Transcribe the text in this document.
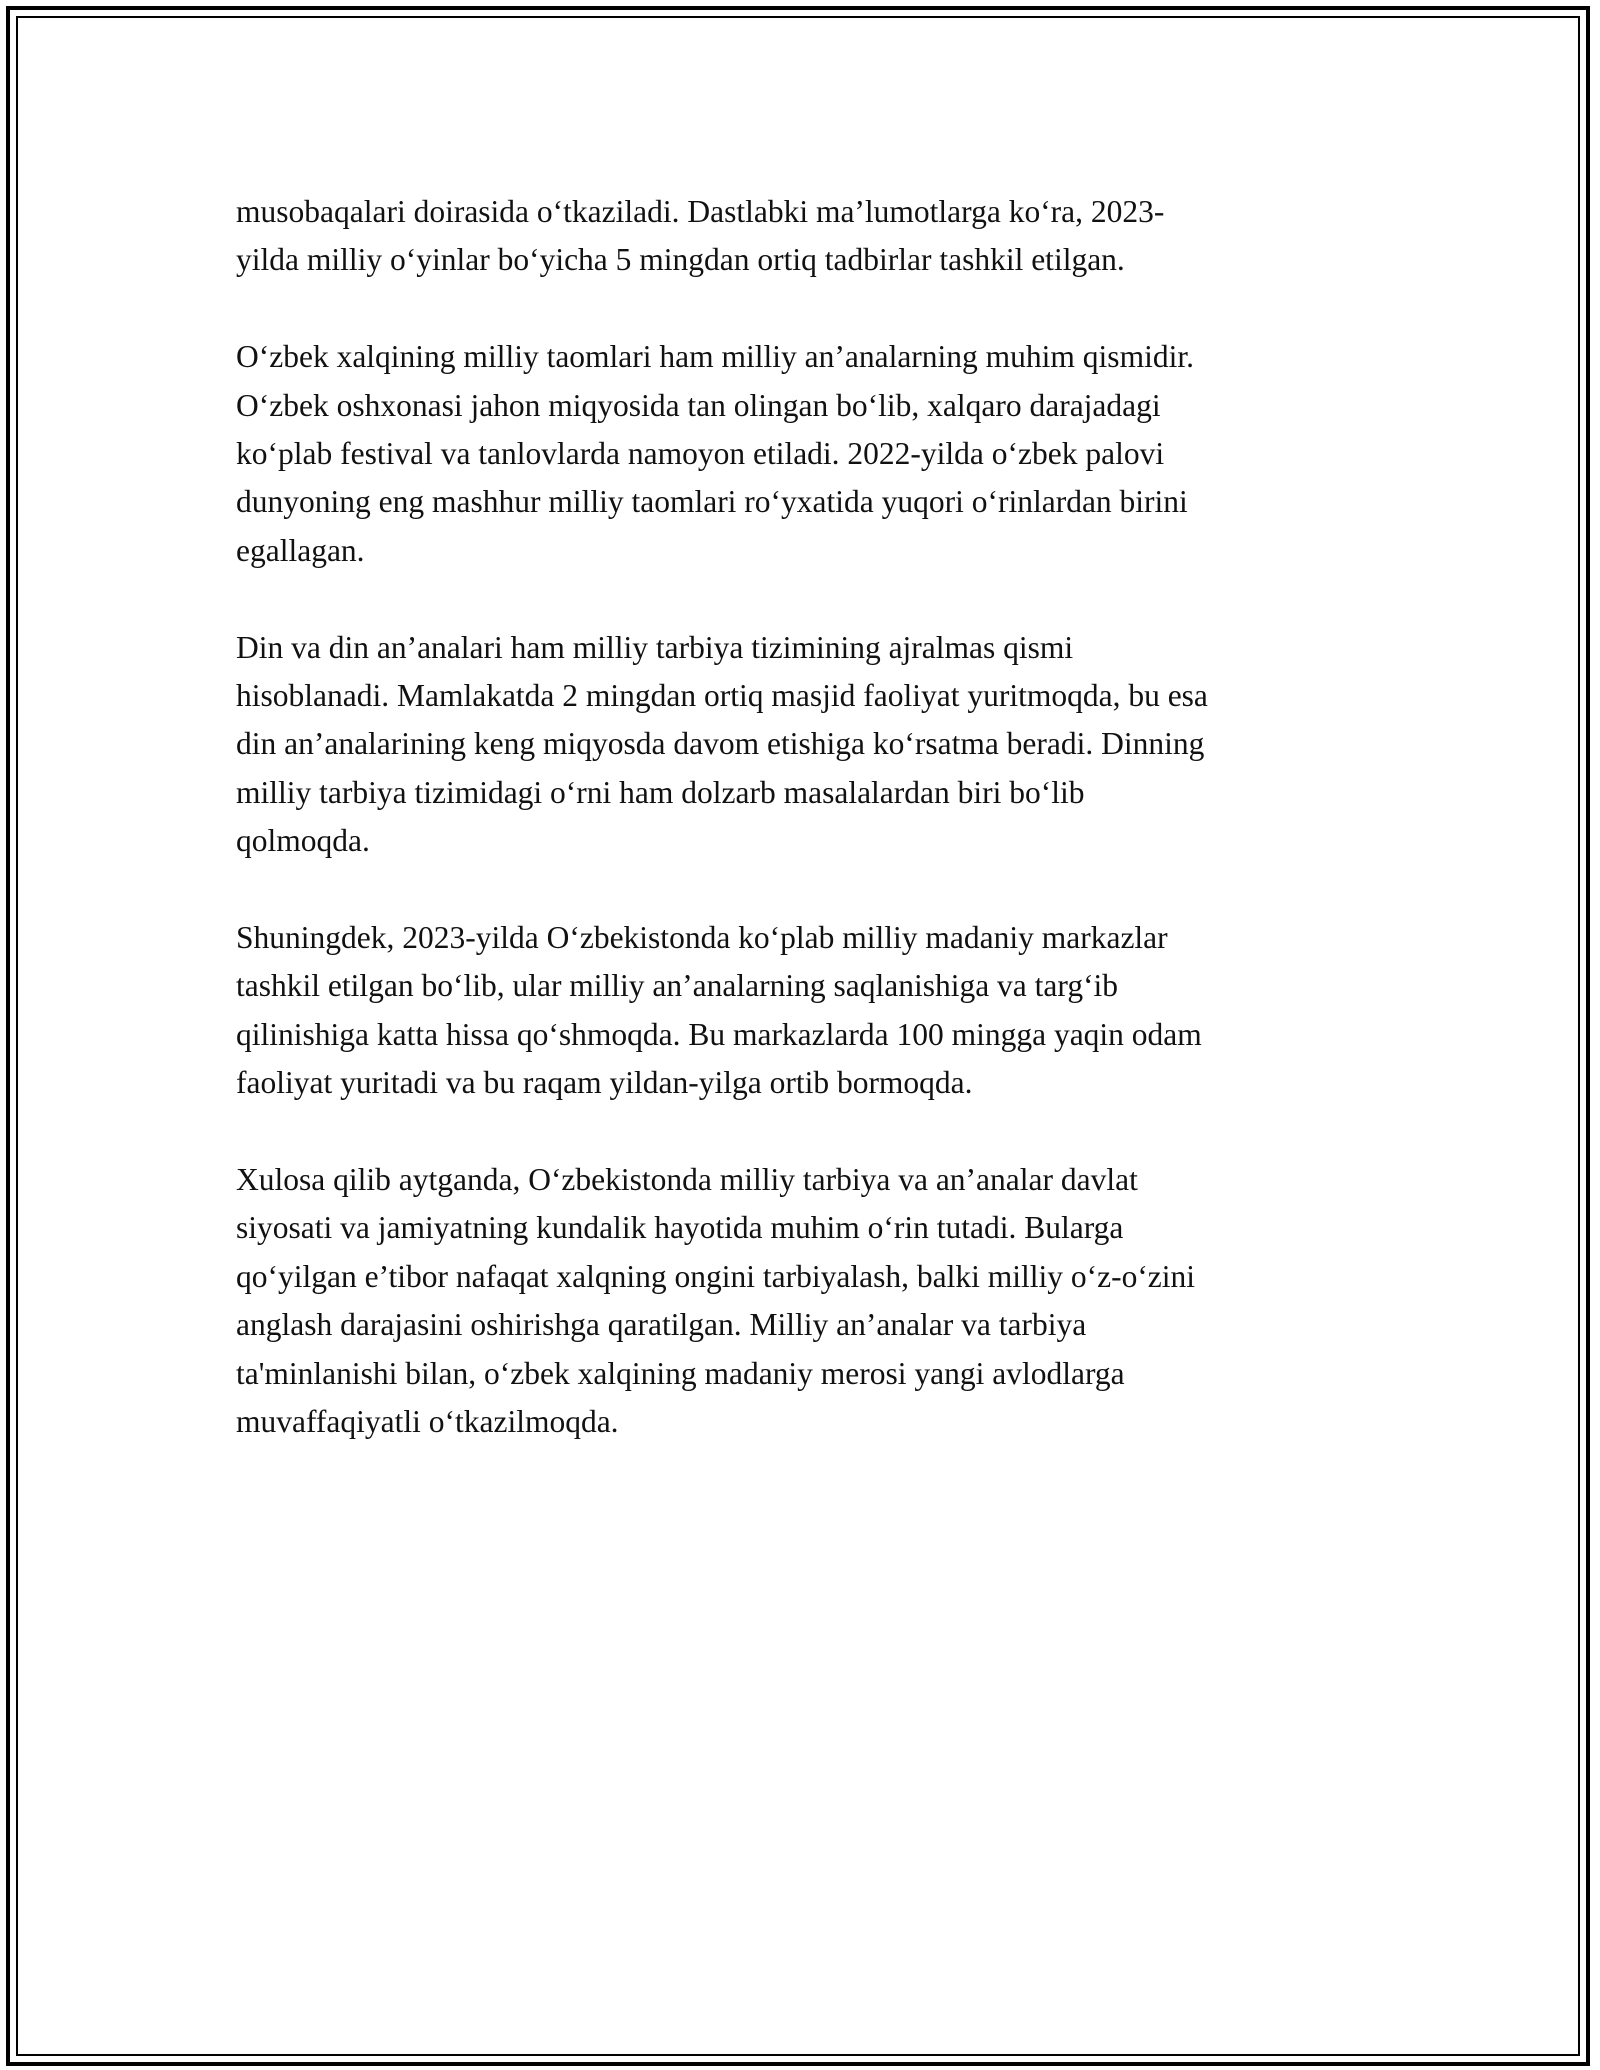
musobaqalari doirasida o‘tkaziladi. Dastlabki ma’lumotlarga ko‘ra, 2023-
yilda milliy o‘yinlar bo‘yicha 5 mingdan ortiq tadbirlar tashkil etilgan.

O‘zbek xalqining milliy taomlari ham milliy an’analarning muhim qismidir.
O‘zbek oshxonasi jahon miqyosida tan olingan bo‘lib, xalqaro darajadagi
ko‘plab festival va tanlovlarda namoyon etiladi. 2022-yilda o‘zbek palovi
dunyoning eng mashhur milliy taomlari ro‘yxatida yuqori o‘rinlardan birini
egallagan.

Din va din an’analari ham milliy tarbiya tizimining ajralmas qismi
hisoblanadi. Mamlakatda 2 mingdan ortiq masjid faoliyat yuritmoqda, bu esa
din an’analarining keng miqyosda davom etishiga ko‘rsatma beradi. Dinning
milliy tarbiya tizimidagi o‘rni ham dolzarb masalalardan biri bo‘lib
qolmoqda.

Shuningdek, 2023-yilda O‘zbekistonda ko‘plab milliy madaniy markazlar
tashkil etilgan bo‘lib, ular milliy an’analarning saqlanishiga va targ‘ib
qilinishiga katta hissa qo‘shmoqda. Bu markazlarda 100 mingga yaqin odam
faoliyat yuritadi va bu raqam yildan-yilga ortib bormoqda.

Xulosa qilib aytganda, O‘zbekistonda milliy tarbiya va an’analar davlat
siyosati va jamiyatning kundalik hayotida muhim o‘rin tutadi. Bularga
qo‘yilgan e’tibor nafaqat xalqning ongini tarbiyalash, balki milliy o‘z-o‘zini
anglash darajasini oshirishga qaratilgan. Milliy an’analar va tarbiya
ta'minlanishi bilan, o‘zbek xalqining madaniy merosi yangi avlodlarga
muvaffaqiyatli o‘tkazilmoqda.
